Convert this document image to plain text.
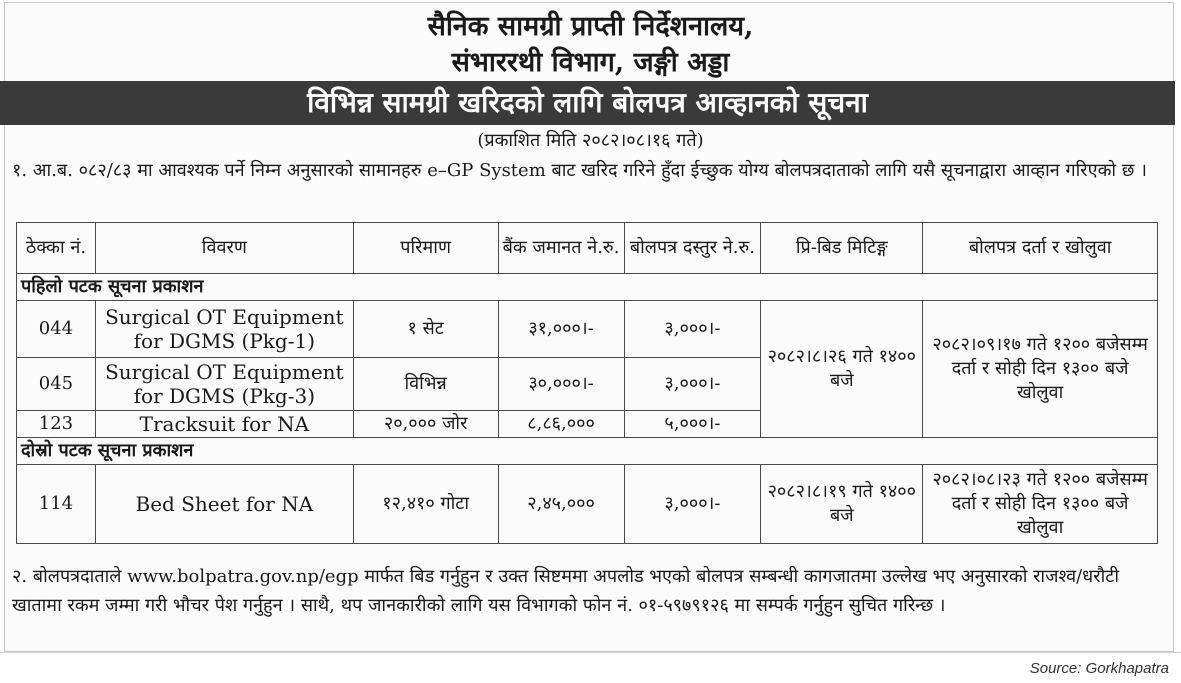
सैनिक सामग्री प्राप्ती निर्देशनालय,
संभाररथी विभाग, जङ्गी अड्डा
विभिन्न सामग्री खरिदको लागि बोलपत्र आव्हानको सूचना
(प्रकाशित मिति २०८२।०८।१६ गते)

१. आ.ब. ०८२/८३ मा आवश्यक पर्ने निम्न अनुसारको सामानहरु e–GP System बाट खरिद गरिने हुँदा ईच्छुक योग्य बोलपत्रदाताको लागि यसै सूचनाद्वारा आव्हान गरिएको छ ।

ठेक्का नं.	विवरण	परिमाण	बैंक जमानत ने.रु.	बोलपत्र दस्तुर ने.रु.	प्रि-बिड मिटिङ्ग	बोलपत्र दर्ता र खोलुवा
पहिलो पटक सूचना प्रकाशन						
044	Surgical OT Equipment for DGMS (Pkg-1)	१ सेट	३१,०००।-	३,०००।-	२०८२।८।२६ गते १४०० बजे	२०८२।०९।१७ गते १२०० बजेसम्म दर्ता र सोही दिन १३०० बजे खोलुवा
045	Surgical OT Equipment for DGMS (Pkg-3)	विभिन्न	३०,०००।-	३,०००।-		
123	Tracksuit for NA	२०,००० जोर	८,८६,०००	५,०००।-		
दोस्रो पटक सूचना प्रकाशन						
114	Bed Sheet for NA	१२,४१० गोटा	२,४५,०००	३,०००।-	२०८२।८।१९ गते १४०० बजे	२०८२।०८।२३ गते १२०० बजेसम्म दर्ता र सोही दिन १३०० बजे खोलुवा

२. बोलपत्रदाताले www.bolpatra.gov.np/egp मार्फत बिड गर्नुहुन र उक्त सिष्टममा अपलोड भएको बोलपत्र सम्बन्धी कागजातमा उल्लेख भए अनुसारको राजश्व/धरौटी खातामा रकम जम्मा गरी भौचर पेश गर्नुहुन । साथै, थप जानकारीको लागि यस विभागको फोन नं. ०१-५९७९१२६ मा सम्पर्क गर्नुहुन सुचित गरिन्छ ।

Source: Gorkhapatra
